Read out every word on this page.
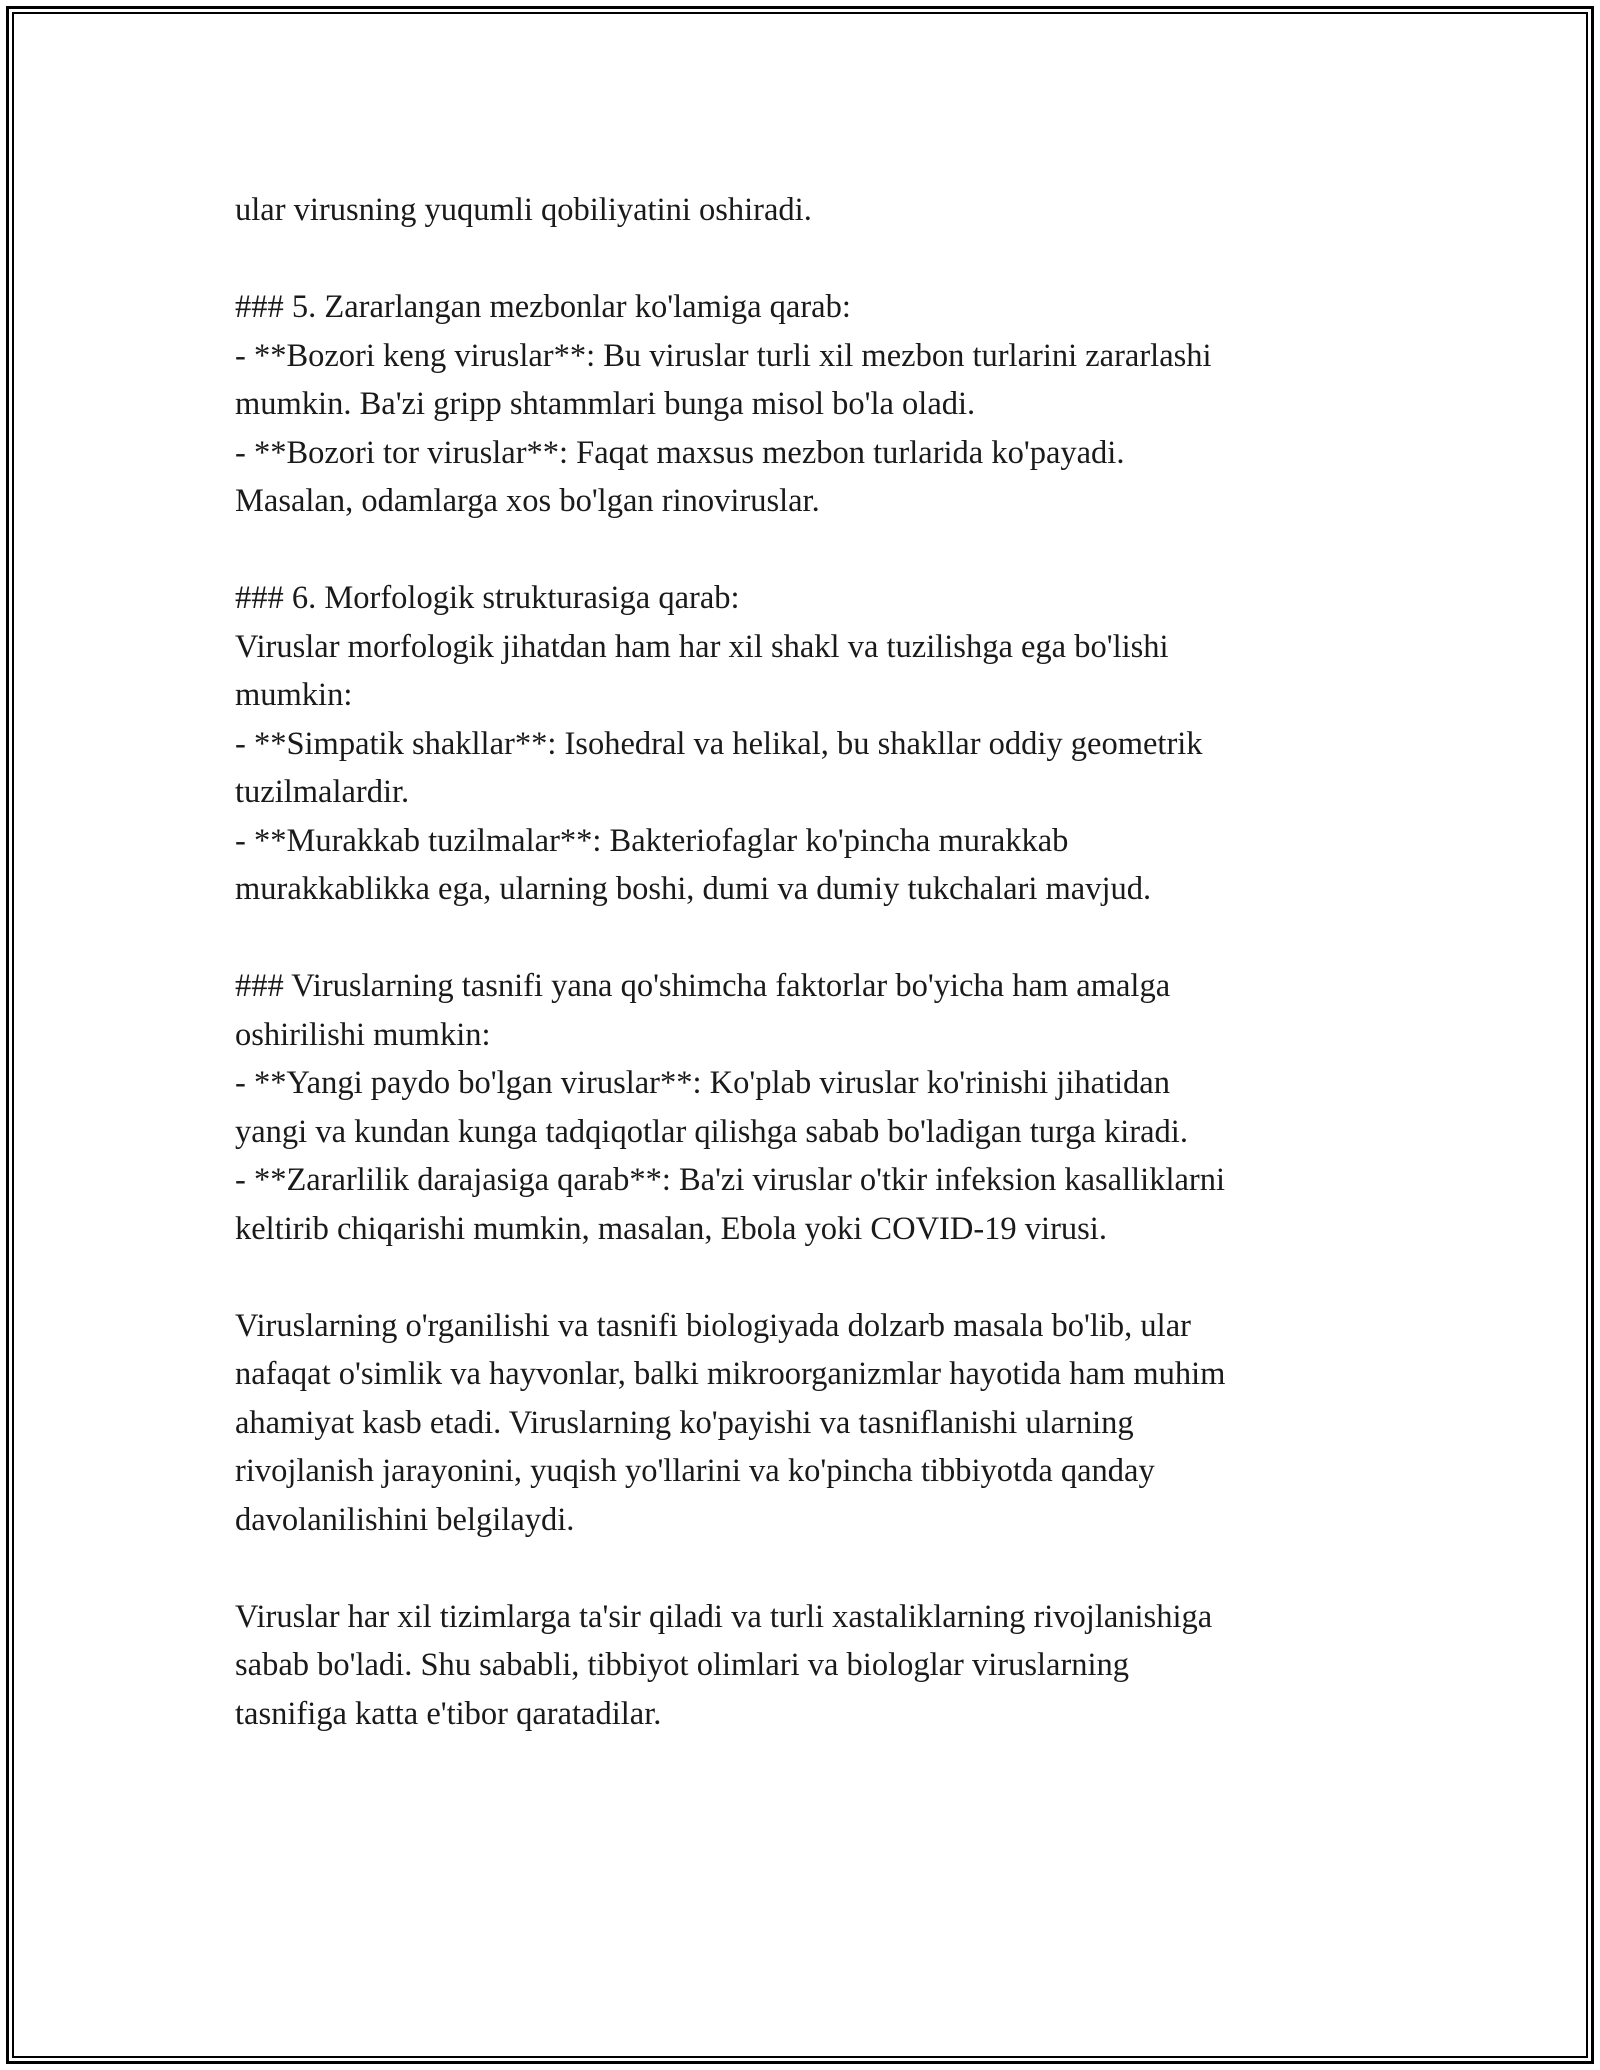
ular virusning yuqumli qobiliyatini oshiradi.
### 5. Zararlangan mezbonlar ko'lamiga qarab:
- **Bozori keng viruslar**: Bu viruslar turli xil mezbon turlarini zararlashi
mumkin. Ba'zi gripp shtammlari bunga misol bo'la oladi.
- **Bozori tor viruslar**: Faqat maxsus mezbon turlarida ko'payadi.
Masalan, odamlarga xos bo'lgan rinoviruslar.
### 6. Morfologik strukturasiga qarab:
Viruslar morfologik jihatdan ham har xil shakl va tuzilishga ega bo'lishi
mumkin:
- **Simpatik shakllar**: Isohedral va helikal, bu shakllar oddiy geometrik
tuzilmalardir.
- **Murakkab tuzilmalar**: Bakteriofaglar ko'pincha murakkab
murakkablikka ega, ularning boshi, dumi va dumiy tukchalari mavjud.
### Viruslarning tasnifi yana qo'shimcha faktorlar bo'yicha ham amalga
oshirilishi mumkin:
- **Yangi paydo bo'lgan viruslar**: Ko'plab viruslar ko'rinishi jihatidan
yangi va kundan kunga tadqiqotlar qilishga sabab bo'ladigan turga kiradi.
- **Zararlilik darajasiga qarab**: Ba'zi viruslar o'tkir infeksion kasalliklarni
keltirib chiqarishi mumkin, masalan, Ebola yoki COVID-19 virusi.
Viruslarning o'rganilishi va tasnifi biologiyada dolzarb masala bo'lib, ular
nafaqat o'simlik va hayvonlar, balki mikroorganizmlar hayotida ham muhim
ahamiyat kasb etadi. Viruslarning ko'payishi va tasniflanishi ularning
rivojlanish jarayonini, yuqish yo'llarini va ko'pincha tibbiyotda qanday
davolanilishini belgilaydi.
Viruslar har xil tizimlarga ta'sir qiladi va turli xastaliklarning rivojlanishiga
sabab bo'ladi. Shu sababli, tibbiyot olimlari va biologlar viruslarning
tasnifiga katta e'tibor qaratadilar.
